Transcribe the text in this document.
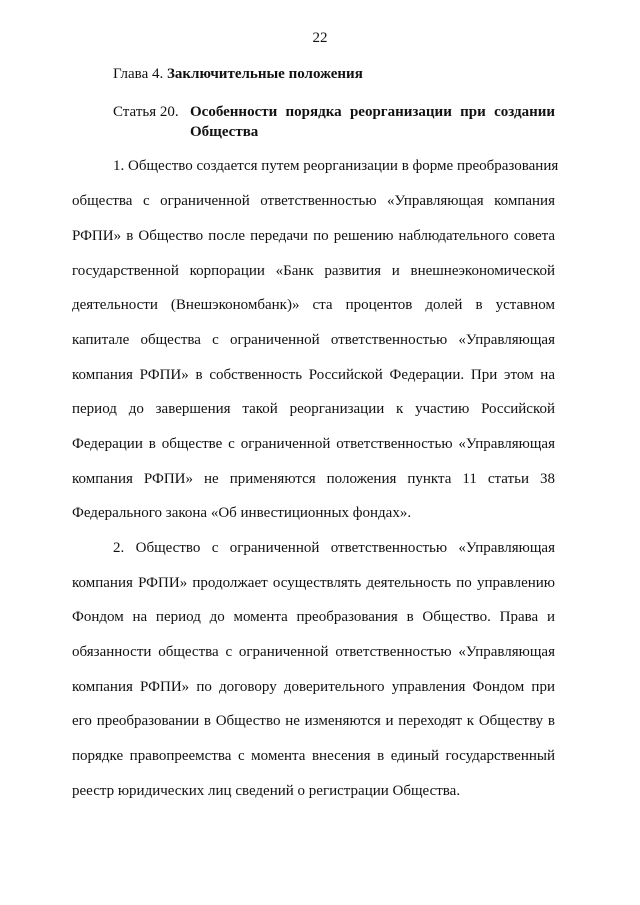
22
Глава 4. Заключительные положения
Статья 20. Особенности порядка реорганизации при создании
Общества
1. Общество создается путем реорганизации в форме преобразования
общества с ограниченной ответственностью «Управляющая компания
РФПИ» в Общество после передачи по решению наблюдательного совета
государственной корпорации «Банк развития и внешнеэкономической
деятельности (Внешэкономбанк)» ста процентов долей в уставном
капитале общества с ограниченной ответственностью «Управляющая
компания РФПИ» в собственность Российской Федерации. При этом на
период до завершения такой реорганизации к участию Российской
Федерации в обществе с ограниченной ответственностью «Управляющая
компания РФПИ» не применяются положения пункта 11 статьи 38
Федерального закона «Об инвестиционных фондах».
2. Общество с ограниченной ответственностью «Управляющая
компания РФПИ» продолжает осуществлять деятельность по управлению
Фондом на период до момента преобразования в Общество. Права и
обязанности общества с ограниченной ответственностью «Управляющая
компания РФПИ» по договору доверительного управления Фондом при
его преобразовании в Общество не изменяются и переходят к Обществу в
порядке правопреемства с момента внесения в единый государственный
реестр юридических лиц сведений о регистрации Общества.
